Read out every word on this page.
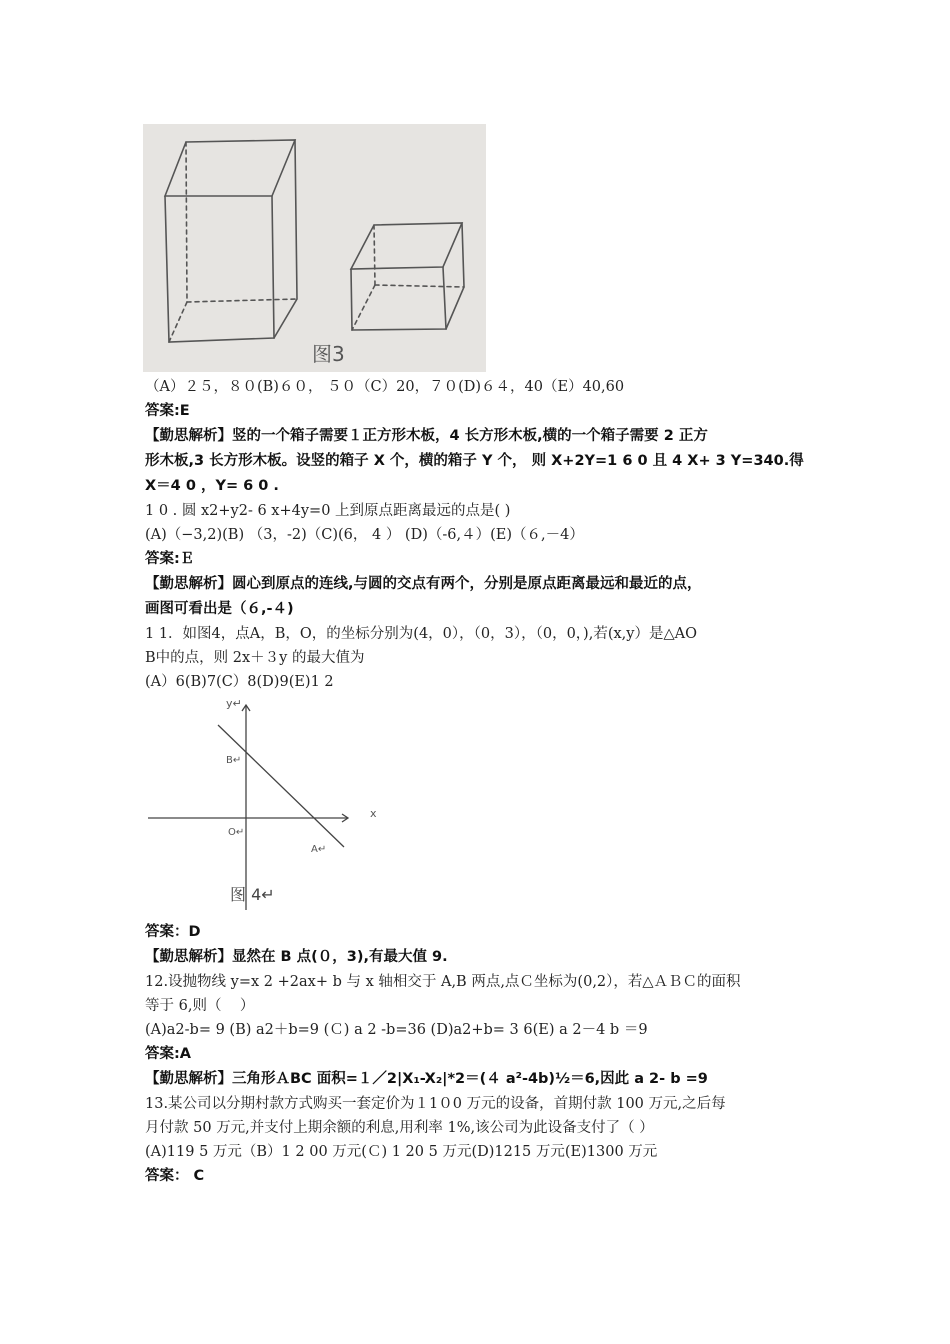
图3
（A）２５，８０(B)６０， ５０（C）20，７０(D)６４，40（E）40,60
答案:E
【勤思解析】竖的一个箱子需要１正方形木板，4 长方形木板,横的一个箱子需要 2 正方
形木板,3 长方形木板。设竖的箱子 X 个，横的箱子 Y 个， 则 X+2Y=1 6 0 且 4 X+ 3 Y=340.得
X＝4 0 ，Y= 6 0 .
1 0 . 圆 x2+y2- 6 x+4y=0 上到原点距离最远的点是( )
(A)（−3,2)(B) （3，-2)（C)(6， 4 ） (D)（-6,４）(E)（６,－4）
答案:Ｅ
【勤思解析】圆心到原点的连线,与圆的交点有两个，分别是原点距离最远和最近的点，
画图可看出是（６,-４)
1 1．如图4，点A，B，O，的坐标分别为(4，0），（0，3），（0，0，),若(x,y）是△AO
B中的点，则 2x＋３y 的最大值为
(A）6(B)7(C）8(D)9(E)1 2
y↵
x
B↵
O↵
A↵
图 4↵
答案：D
【勤思解析】显然在 B 点(０，3),有最大值 9.
12.设抛物线 y=x 2 +2ax+ b 与 x 轴相交于 A,B 两点,点Ｃ坐标为(0,2），若△ＡＢＣ的面积
等于 6,则（    ）
(A)a2-b= 9 (B) a2＋b=9 (Ｃ) a 2 -b=36 (D)a2+b= 3 6(E) a 2－4 b ＝9
答案:A
【勤思解析】三角形ＡBC 面积=１／2|X₁-X₂|*2＝(４ a²-4b)½＝6,因此 a 2- b =9
13.某公司以分期村款方式购买一套定价为１1０0 万元的设备，首期付款 100 万元,之后每
月付款 50 万元,并支付上期余额的利息,用利率 1%,该公司为此设备支付了（ ）
(A)119 5 万元（B）1 2 00 万元(Ｃ) 1 20 5 万元(D)1215 万元(E)1300 万元
答案： C
